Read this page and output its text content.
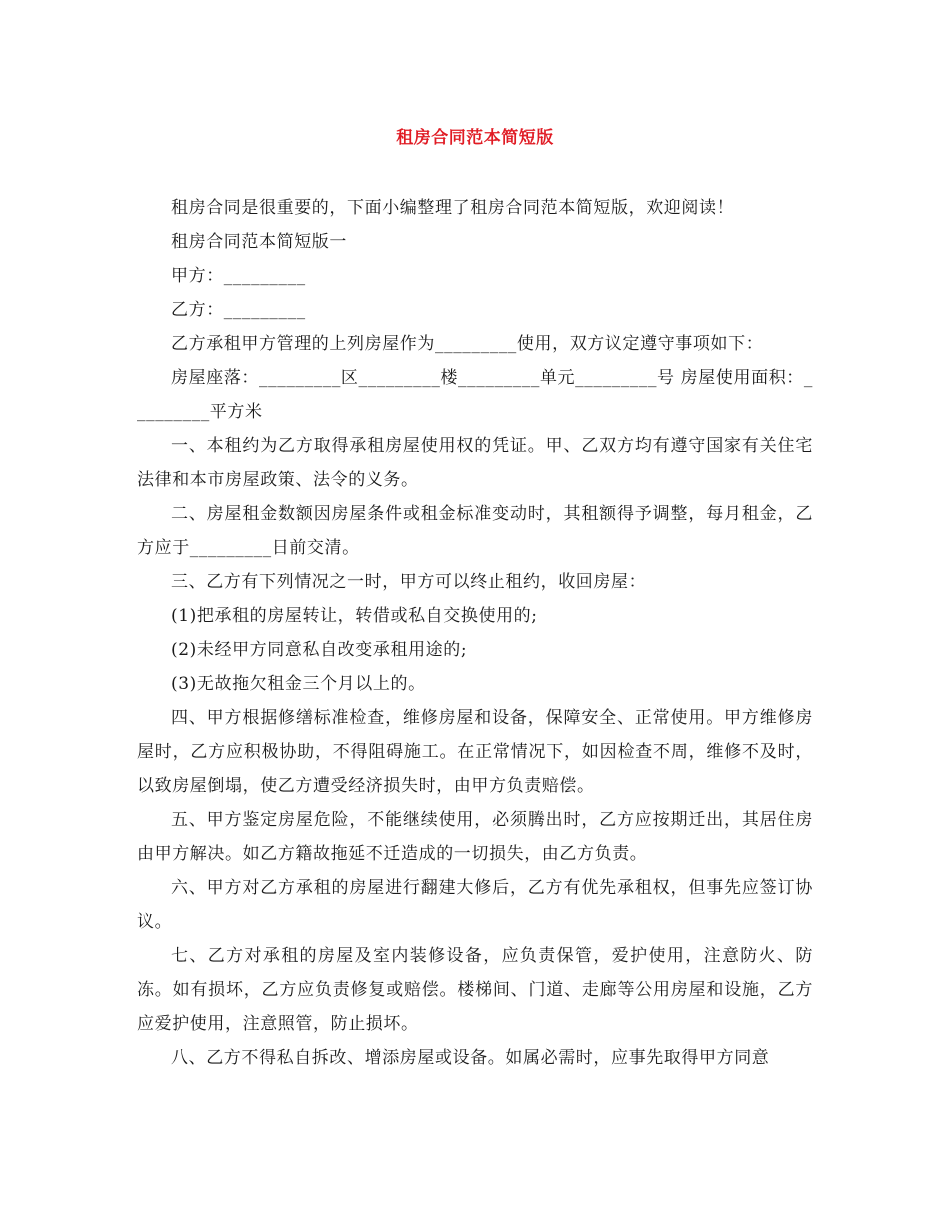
租房合同范本简短版

租房合同是很重要的，下面小编整理了租房合同范本简短版，欢迎阅读！

租房合同范本简短版一

甲方：_________

乙方：_________

乙方承租甲方管理的上列房屋作为_________使用，双方议定遵守事项如下：

房屋座落：_________区_________楼_________单元_________号 房屋使用面积：_________平方米

一、本租约为乙方取得承租房屋使用权的凭证。甲、乙双方均有遵守国家有关住宅法律和本市房屋政策、法令的义务。

二、房屋租金数额因房屋条件或租金标准变动时，其租额得予调整，每月租金，乙方应于_________日前交清。

三、乙方有下列情况之一时，甲方可以终止租约，收回房屋：

(1)把承租的房屋转让，转借或私自交换使用的;

(2)未经甲方同意私自改变承租用途的;

(3)无故拖欠租金三个月以上的。

四、甲方根据修缮标准检查，维修房屋和设备，保障安全、正常使用。甲方维修房屋时，乙方应积极协助，不得阻碍施工。在正常情况下，如因检查不周，维修不及时，以致房屋倒塌，使乙方遭受经济损失时，由甲方负责赔偿。

五、甲方鉴定房屋危险，不能继续使用，必须腾出时，乙方应按期迁出，其居住房由甲方解决。如乙方籍故拖延不迁造成的一切损失，由乙方负责。

六、甲方对乙方承租的房屋进行翻建大修后，乙方有优先承租权，但事先应签订协议。

七、乙方对承租的房屋及室内装修设备，应负责保管，爱护使用，注意防火、防冻。如有损坏，乙方应负责修复或赔偿。楼梯间、门道、走廊等公用房屋和设施，乙方应爱护使用，注意照管，防止损坏。

八、乙方不得私自拆改、增添房屋或设备。如属必需时，应事先取得甲方同意
